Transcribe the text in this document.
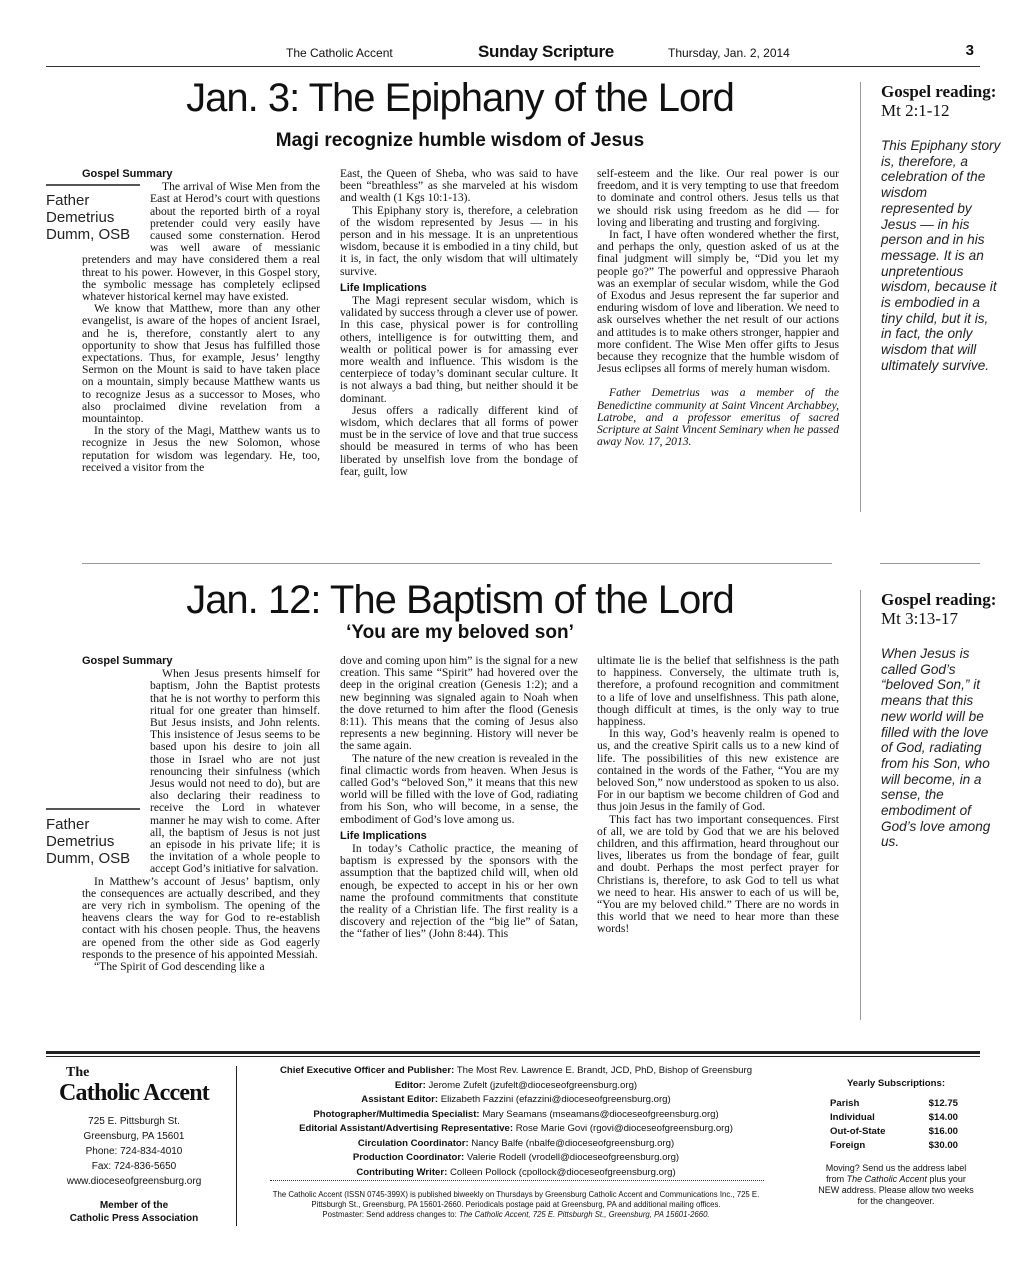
The Catholic Accent	Sunday Scripture	Thursday, Jan. 2, 2014	3
Jan. 3: The Epiphany of the Lord
Magi recognize humble wisdom of Jesus

Gospel Summary

Father Demetrius Dumm, OSB
The arrival of Wise Men from the East at Herod’s court with questions about the reported birth of a royal pretender could very easily have caused some consternation. Herod was well aware of messianic pretenders and may have considered them a real threat to his power. However, in this Gospel story, the symbolic message has completely eclipsed whatever historical kernel may have existed.

We know that Matthew, more than any other evangelist, is aware of the hopes of ancient Israel, and he is, therefore, constantly alert to any opportunity to show that Jesus has fulfilled those expectations. Thus, for example, Jesus’ lengthy Sermon on the Mount is said to have taken place on a mountain, simply because Matthew wants us to recognize Jesus as a successor to Moses, who also proclaimed divine revelation from a mountaintop.

In the story of the Magi, Matthew wants us to recognize in Jesus the new Solomon, whose reputation for wisdom was legendary. He, too, received a visitor from the

East, the Queen of Sheba, who was said to have been “breathless” as she marveled at his wisdom and wealth (1 Kgs 10:1-13).

This Epiphany story is, therefore, a celebration of the wisdom represented by Jesus — in his person and in his message. It is an unpretentious wisdom, because it is embodied in a tiny child, but it is, in fact, the only wisdom that will ultimately survive.

Life Implications

The Magi represent secular wisdom, which is validated by success through a clever use of power. In this case, physical power is for controlling others, intelligence is for outwitting them, and wealth or political power is for amassing ever more wealth and influence. This wisdom is the centerpiece of today’s dominant secular culture. It is not always a bad thing, but neither should it be dominant.

Jesus offers a radically different kind of wisdom, which declares that all forms of power must be in the service of love and that true success should be measured in terms of who has been liberated by unselfish love from the bondage of fear, guilt, low

self-esteem and the like. Our real power is our freedom, and it is very tempting to use that freedom to dominate and control others. Jesus tells us that we should risk using freedom as he did — for loving and liberating and trusting and forgiving.

In fact, I have often wondered whether the first, and perhaps the only, question asked of us at the final judgment will simply be, “Did you let my people go?” The powerful and oppressive Pharaoh was an exemplar of secular wisdom, while the God of Exodus and Jesus represent the far superior and enduring wisdom of love and liberation. We need to ask ourselves whether the net result of our actions and attitudes is to make others stronger, happier and more confident. The Wise Men offer gifts to Jesus because they recognize that the humble wisdom of Jesus eclipses all forms of merely human wisdom.

Father Demetrius was a member of the Benedictine community at Saint Vincent Archabbey, Latrobe, and a professor emeritus of sacred Scripture at Saint Vincent Seminary when he passed away Nov. 17, 2013.

Gospel reading:
Mt 2:1-12
This Epiphany story is, therefore, a celebration of the wisdom represented by Jesus — in his person and in his message. It is an unpretentious wisdom, because it is embodied in a tiny child, but it is, in fact, the only wisdom that will ultimately survive.
Jan. 12: The Baptism of the Lord
‘You are my beloved son’

Gospel Summary

Father Demetrius Dumm, OSB
When Jesus presents himself for baptism, John the Baptist protests that he is not worthy to perform this ritual for one greater than himself. But Jesus insists, and John relents. This insistence of Jesus seems to be based upon his desire to join all those in Israel who are not just renouncing their sinfulness (which Jesus would not need to do), but are also declaring their readiness to receive the Lord in whatever manner he may wish to come. After all, the baptism of Jesus is not just an episode in his private life; it is the invitation of a whole people to accept God’s initiative for salvation.

In Matthew’s account of Jesus’ baptism, only the consequences are actually described, and they are very rich in symbolism. The opening of the heavens clears the way for God to re-establish contact with his chosen people. Thus, the heavens are opened from the other side as God eagerly responds to the presence of his appointed Messiah.

“The Spirit of God descending like a

dove and coming upon him” is the signal for a new creation. This same “Spirit” had hovered over the deep in the original creation (Genesis 1:2); and a new beginning was signaled again to Noah when the dove returned to him after the flood (Genesis 8:11). This means that the coming of Jesus also represents a new beginning. History will never be the same again.

The nature of the new creation is revealed in the final climactic words from heaven. When Jesus is called God’s “beloved Son,” it means that this new world will be filled with the love of God, radiating from his Son, who will become, in a sense, the embodiment of God’s love among us.

Life Implications

In today’s Catholic practice, the meaning of baptism is expressed by the sponsors with the assumption that the baptized child will, when old enough, be expected to accept in his or her own name the profound commitments that constitute the reality of a Christian life. The first reality is a discovery and rejection of the “big lie” of Satan, the “father of lies” (John 8:44). This

ultimate lie is the belief that selfishness is the path to happiness. Conversely, the ultimate truth is, therefore, a profound recognition and commitment to a life of love and unselfishness. This path alone, though difficult at times, is the only way to true happiness.

In this way, God’s heavenly realm is opened to us, and the creative Spirit calls us to a new kind of life. The possibilities of this new existence are contained in the words of the Father, “You are my beloved Son,” now understood as spoken to us also. For in our baptism we become children of God and thus join Jesus in the family of God.

This fact has two important consequences. First of all, we are told by God that we are his beloved children, and this affirmation, heard throughout our lives, liberates us from the bondage of fear, guilt and doubt. Perhaps the most perfect prayer for Christians is, therefore, to ask God to tell us what we need to hear. His answer to each of us will be, “You are my beloved child.” There are no words in this world that we need to hear more than these words!

Gospel reading:
Mt 3:13-17
When Jesus is called God’s “beloved Son,” it means that this new world will be filled with the love of God, radiating from his Son, who will become, in a sense, the embodiment of God’s love among us.
The
Catholic Accent
725 E. Pittsburgh St.
Greensburg, PA 15601
Phone: 724-834-4010
Fax: 724-836-5650
www.dioceseofgreensburg.org
Member of the
Catholic Press Association
Chief Executive Officer and Publisher: The Most Rev. Lawrence E. Brandt, JCD, PhD, Bishop of Greensburg
Editor: Jerome Zufelt (jzufelt@dioceseofgreensburg.org)
Assistant Editor: Elizabeth Fazzini (efazzini@dioceseofgreensburg.org)
Photographer/Multimedia Specialist: Mary Seamans (mseamans@dioceseofgreensburg.org)
Editorial Assistant/Advertising Representative: Rose Marie Govi (rgovi@dioceseofgreensburg.org)
Circulation Coordinator: Nancy Balfe (nbalfe@dioceseofgreensburg.org)
Production Coordinator: Valerie Rodell (vrodell@dioceseofgreensburg.org)
Contributing Writer: Colleen Pollock (cpollock@dioceseofgreensburg.org)
The Catholic Accent (ISSN 0745-399X) is published biweekly on Thursdays by Greensburg Catholic Accent and Communications Inc., 725 E. Pittsburgh St., Greensburg, PA 15601-2660. Periodicals postage paid at Greensburg, PA and additional mailing offices.
Postmaster: Send address changes to: The Catholic Accent, 725 E. Pittsburgh St., Greensburg, PA 15601-2660.
Yearly Subscriptions:
Parish	$12.75
Individual	$14.00
Out-of-State	$16.00
Foreign	$30.00
Moving? Send us the address label from The Catholic Accent plus your NEW address. Please allow two weeks for the changeover.
